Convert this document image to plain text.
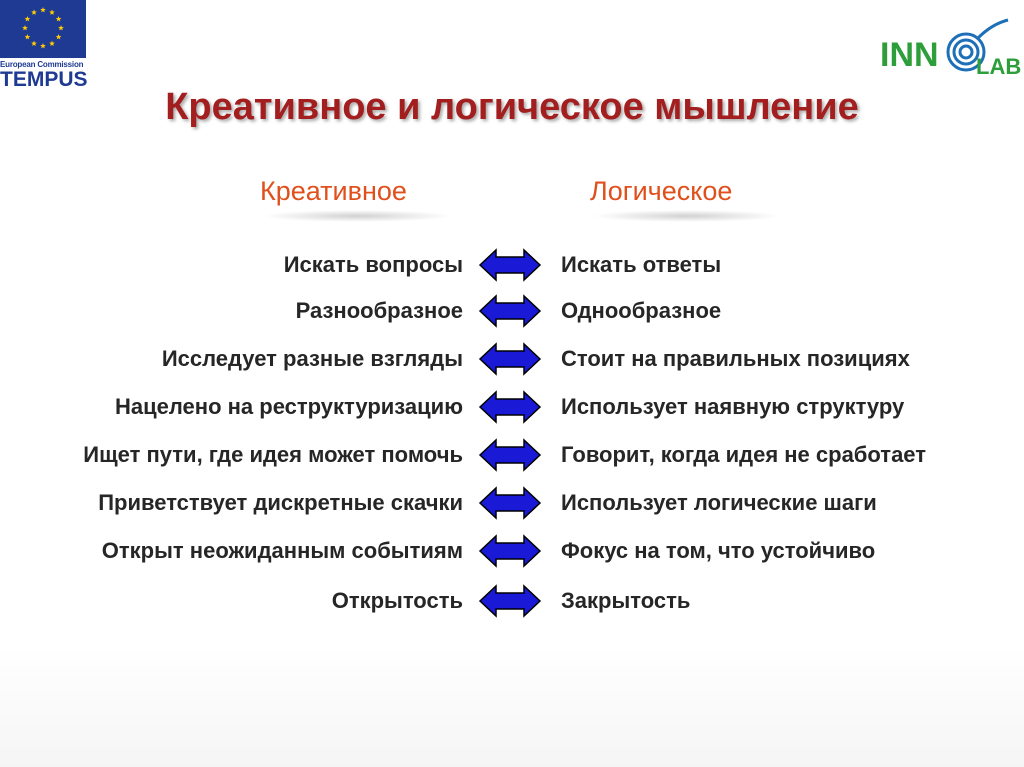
European Commission
TEMPUS
INN LAB
Креативное и логическое мышление
Креативное	Логическое
Искать вопросы	Искать ответы
Разнообразное	Однообразное
Исследует разные взгляды	Стоит на правильных позициях
Нацелено на реструктуризацию	Использует наявную структуру
Ищет пути, где идея может помочь	Говорит, когда идея не сработает
Приветствует дискретные скачки	Использует логические шаги
Открыт неожиданным событиям	Фокус на том, что устойчиво
Открытость	Закрытость
